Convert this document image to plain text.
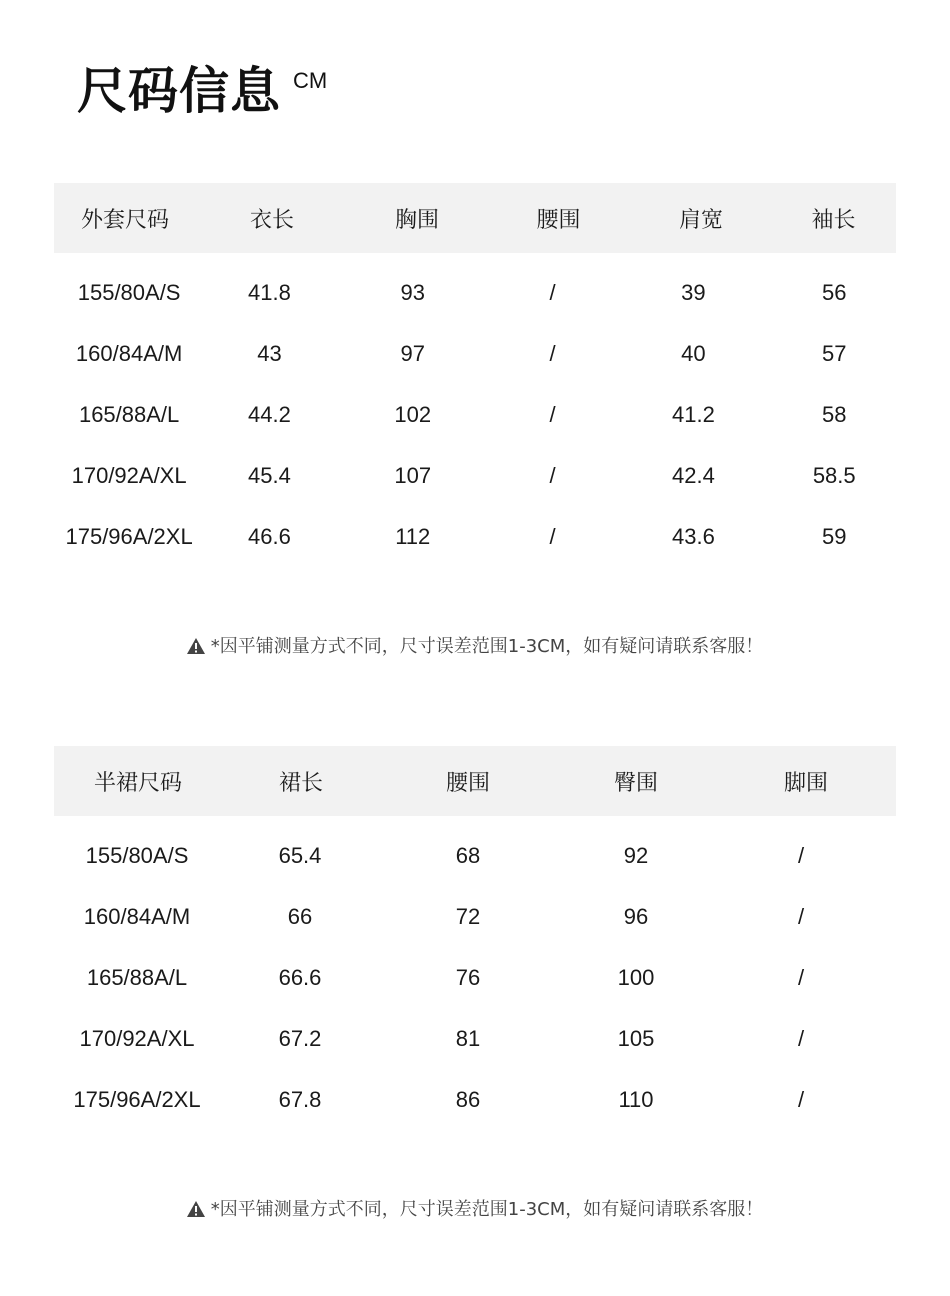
尺码信息 CM
外套尺码	衣长	胸围	腰围	肩宽	袖长
155/80A/S	41.8	93	/	39	56
160/84A/M	43	97	/	40	57
165/88A/L	44.2	102	/	41.2	58
170/92A/XL	45.4	107	/	42.4	58.5
175/96A/2XL	46.6	112	/	43.6	59
*因平铺测量方式不同，尺寸误差范围1-3CM，如有疑问请联系客服！
半裙尺码	裙长	腰围	臀围	脚围
155/80A/S	65.4	68	92	/
160/84A/M	66	72	96	/
165/88A/L	66.6	76	100	/
170/92A/XL	67.2	81	105	/
175/96A/2XL	67.8	86	110	/
*因平铺测量方式不同，尺寸误差范围1-3CM，如有疑问请联系客服！
